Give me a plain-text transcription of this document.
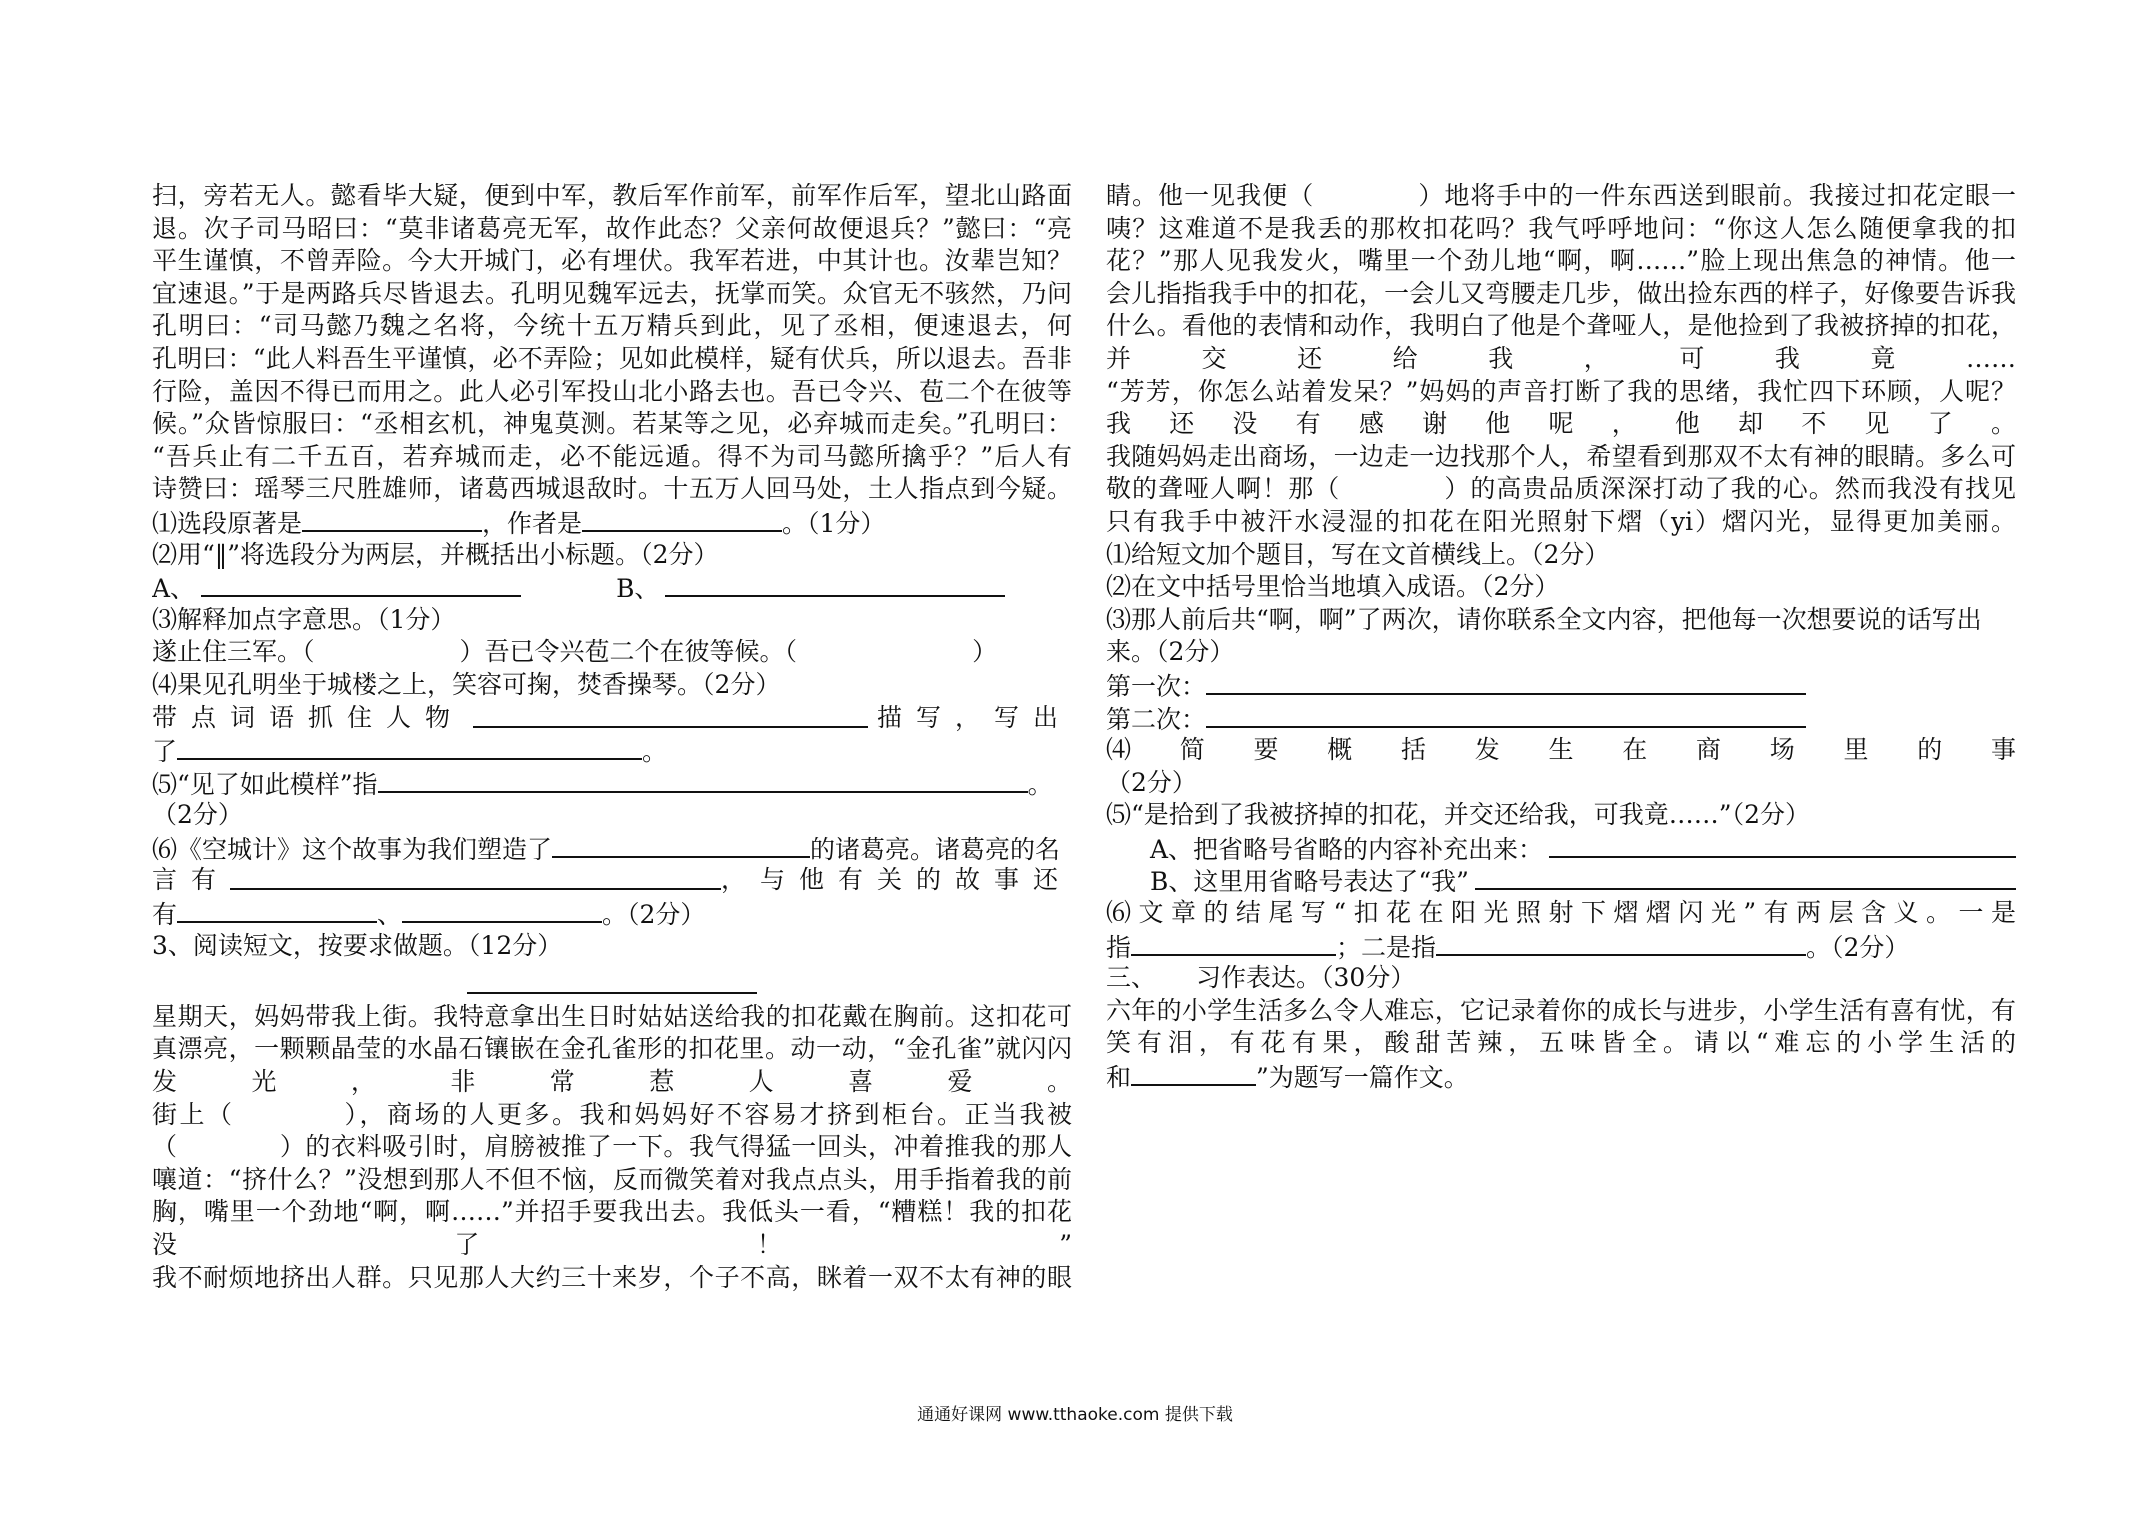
扫，旁若无人。懿看毕大疑，便到中军，教后军作前军，前军作后军，望北山路面
退。次子司马昭曰：“莫非诸葛亮无军，故作此态？父亲何故便退兵？”懿曰：“亮
平生谨慎，不曾弄险。今大开城门，必有埋伏。我军若进，中其计也。汝辈岂知？
宜速退。”于是两路兵尽皆退去。孔明见魏军远去，抚掌而笑。众官无不骇然，乃问
孔明曰：“司马懿乃魏之名将，今统十五万精兵到此，见了丞相，便速退去，何
孔明曰：“此人料吾生平谨慎，必不弄险；见如此模样，疑有伏兵，所以退去。吾非
行险，盖因不得已而用之。此人必引军投山北小路去也。吾已令兴、苞二个在彼等
候。”众皆惊服曰：“丞相玄机，神鬼莫测。若某等之见，必弃城而走矣。”孔明曰：
“吾兵止有二千五百，若弃城而走，必不能远遁。得不为司马懿所擒乎？”后人有
诗赞曰：瑶琴三尺胜雄师，诸葛西城退敌时。十五万人回马处，土人指点到今疑。
⑴选段原著是	，作者是	。（1分）
⑵用“‖”将选段分为两层，并概括出小标题。（2分）
A、	B、
⑶解释加点字意思。（1分）
遂止住三军。（	）吾已令兴苞二个在彼等候。（	）
⑷果见孔明坐于城楼之上，笑容可掬，焚香操琴。（2分）
带点词语抓住人物	描写，写出
了	。
⑸“见了如此模样”指	。
（2分）
⑹《空城计》这个故事为我们塑造了	的诸葛亮。诸葛亮的名
言有	，与他有关的故事还
有	、	。（2分）
3、阅读短文，按要求做题。（12分）
星期天，妈妈带我上街。我特意拿出生日时姑姑送给我的扣花戴在胸前。这扣花可
真漂亮，一颗颗晶莹的水晶石镶嵌在金孔雀形的扣花里。动一动，“金孔雀”就闪闪
发光，非常惹人喜爱。
街上（　　　　），商场的人更多。我和妈妈好不容易才挤到柜台。正当我被
（　　　　）的衣料吸引时，肩膀被推了一下。我气得猛一回头，冲着推我的那人
嚷道：“挤什么？”没想到那人不但不恼，反而微笑着对我点点头，用手指着我的前
胸，嘴里一个劲地“啊，啊……”并招手要我出去。我低头一看，“糟糕！我的扣花
没了！”
我不耐烦地挤出人群。只见那人大约三十来岁，个子不高，眯着一双不太有神的眼
睛。他一见我便（　　　　）地将手中的一件东西送到眼前。我接过扣花定眼一
咦？这难道不是我丢的那枚扣花吗？我气呼呼地问：“你这人怎么随便拿我的扣
花？”那人见我发火，嘴里一个劲儿地“啊，啊……”脸上现出焦急的神情。他一
会儿指指我手中的扣花，一会儿又弯腰走几步，做出捡东西的样子，好像要告诉我
什么。看他的表情和动作，我明白了他是个聋哑人，是他捡到了我被挤掉的扣花，
并交还给我，可我竟……
“芳芳，你怎么站着发呆？”妈妈的声音打断了我的思绪，我忙四下环顾，人呢？
我还没有感谢他呢，他却不见了。
我随妈妈走出商场，一边走一边找那个人，希望看到那双不太有神的眼睛。多么可
敬的聋哑人啊！那（　　　　）的高贵品质深深打动了我的心。然而我没有找见
只有我手中被汗水浸湿的扣花在阳光照射下熠（yi）熠闪光，显得更加美丽。
⑴给短文加个题目，写在文首横线上。（2分）
⑵在文中括号里恰当地填入成语。（2分）
⑶那人前后共“啊，啊”了两次，请你联系全文内容，把他每一次想要说的话写出
来。（2分）
第一次：
第二次：
⑷简要概括发生在商场里的事
（2分）
⑸“是拾到了我被挤掉的扣花，并交还给我，可我竟……”（2分）
A、把省略号省略的内容补充出来：
B、这里用省略号表达了“我”
⑹文章的结尾写“扣花在阳光照射下熠熠闪光”有两层含义。一是
指	；二是指	。（2分）
三、 习作表达。（30分）
六年的小学生活多么令人难忘，它记录着你的成长与进步，小学生活有喜有忧，有
笑有泪，有花有果，酸甜苦辣，五味皆全。请以“难忘的小学生活的
和	”为题写一篇作文。
通通好课网 www.tthaoke.com 提供下载
